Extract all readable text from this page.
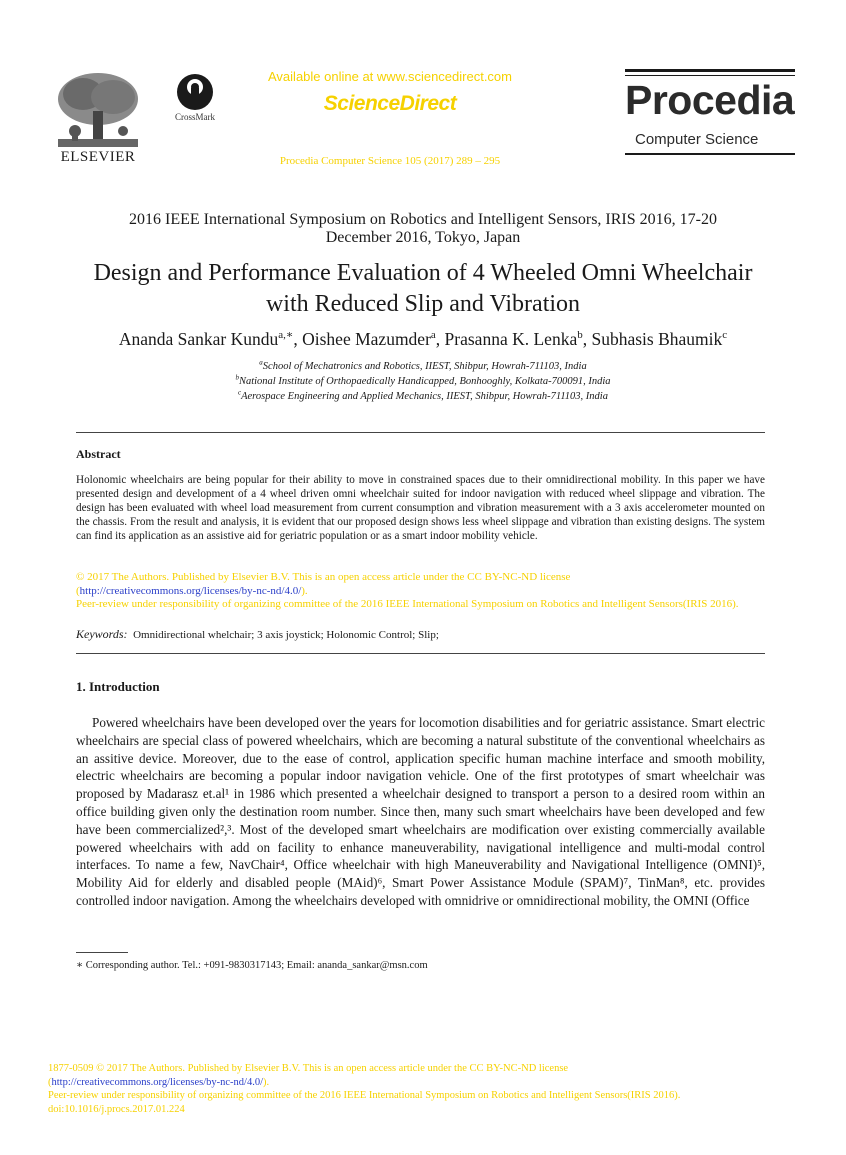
ELSEVIER
CrossMark
Available online at www.sciencedirect.com
ScienceDirect
Procedia Computer Science 105 (2017) 289 – 295
Procedia
Computer Science
2016 IEEE International Symposium on Robotics and Intelligent Sensors, IRIS 2016, 17-20
December 2016, Tokyo, Japan
Design and Performance Evaluation of 4 Wheeled Omni Wheelchair
with Reduced Slip and Vibration
Ananda Sankar Kundu$^{a,∗}$, Oishee Mazumder$^a$, Prasanna K. Lenka$^b$, Subhasis Bhaumik$^c$
$^a$School of Mechatronics and Robotics, IIEST, Shibpur, Howrah-711103, India
$^b$National Institute of Orthopaedically Handicapped, Bonhooghly, Kolkata-700091, India
$^c$Aerospace Engineering and Applied Mechanics, IIEST, Shibpur, Howrah-711103, India
Abstract
Holonomic wheelchairs are being popular for their ability to move in constrained spaces due to their omnidirectional mobility. In this paper we have presented design and development of a 4 wheel driven omni wheelchair suited for indoor navigation with reduced wheel slippage and vibration. The design has been evaluated with wheel load measurement from current consumption and vibration measurement with a 3 axis accelerometer mounted on the chassis. From the result and analysis, it is evident that our proposed design shows less wheel slippage and vibration than existing designs. The system can find its application as an assistive aid for geriatric population or as a smart indoor mobility vehicle.
© 2017 The Authors. Published by Elsevier B.V. This is an open access article under the CC BY-NC-ND license
(http://creativecommons.org/licenses/by-nc-nd/4.0/).
Peer-review under responsibility of organizing committee of the 2016 IEEE International Symposium on Robotics and Intelligent Sensors(IRIS 2016).
Keywords: Omnidirectional whelchair; 3 axis joystick; Holonomic Control; Slip;
1. Introduction

Powered wheelchairs have been developed over the years for locomotion disabilities and for geriatric assistance. Smart electric wheelchairs are special class of powered wheelchairs, which are becoming a natural substitute of the conventional wheelchairs as an assitive device. Moreover, due to the ease of control, application specific human machine interface and smooth mobility, electric wheelchairs are becoming a popular indoor navigation vehicle. One of the first prototypes of smart wheelchair was proposed by Madarasz et.al¹ in 1986 which presented a wheelchair designed to transport a person to a desired room within an office building given only the destination room number. Since then, many such smart wheelchairs have been developed and few have been commercialized²,³. Most of the developed smart wheelchairs are modification over existing commercially available powered wheelchairs with add on facility to enhance maneuverability, navigational intelligence and multi-modal control interfaces. To name a few, NavChair⁴, Office wheelchair with high Maneuverability and Navigational Intelligence (OMNI)⁵, Mobility Aid for elderly and disabled people (MAid)⁶, Smart Power Assistance Module (SPAM)⁷, TinMan⁸, etc. provides controlled indoor navigation. Among the wheelchairs developed with omnidrive or omnidirectional mobility, the OMNI (Office

∗ Corresponding author. Tel.: +091-9830317143; Email: ananda_sankar@msn.com
1877-0509 © 2017 The Authors. Published by Elsevier B.V. This is an open access article under the CC BY-NC-ND license
(http://creativecommons.org/licenses/by-nc-nd/4.0/).
Peer-review under responsibility of organizing committee of the 2016 IEEE International Symposium on Robotics and Intelligent Sensors(IRIS 2016).
doi:10.1016/j.procs.2017.01.224
